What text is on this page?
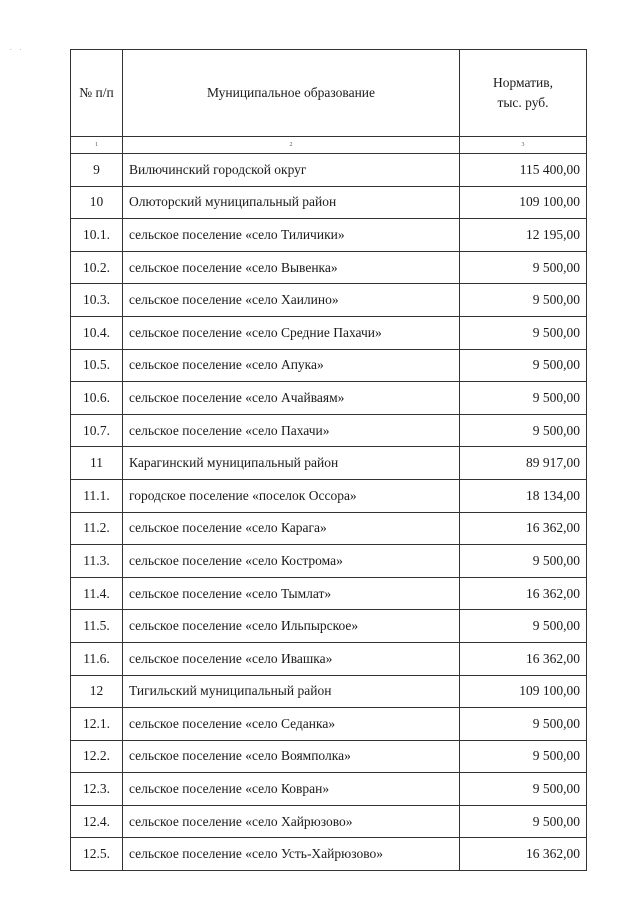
. .
№ п/п	Муниципальное образование	Норматив,
тыс. руб.
1	2	3
9	Вилючинский городской округ	115 400,00
10	Олюторский муниципальный район	109 100,00
10.1.	сельское поселение «село Тиличики»	12 195,00
10.2.	сельское поселение «село Вывенка»	9 500,00
10.3.	сельское поселение «село Хаилино»	9 500,00
10.4.	сельское поселение «село Средние Пахачи»	9 500,00
10.5.	сельское поселение «село Апука»	9 500,00
10.6.	сельское поселение «село Ачайваям»	9 500,00
10.7.	сельское поселение «село Пахачи»	9 500,00
11	Карагинский муниципальный район	89 917,00
11.1.	городское поселение «поселок Оссора»	18 134,00
11.2.	сельское поселение «село Карага»	16 362,00
11.3.	сельское поселение «село Кострома»	9 500,00
11.4.	сельское поселение «село Тымлат»	16 362,00
11.5.	сельское поселение «село Ильпырское»	9 500,00
11.6.	сельское поселение «село Ивашка»	16 362,00
12	Тигильский муниципальный район	109 100,00
12.1.	сельское поселение «село Седанка»	9 500,00
12.2.	сельское поселение «село Воямполка»	9 500,00
12.3.	сельское поселение «село Ковран»	9 500,00
12.4.	сельское поселение «село Хайрюзово»	9 500,00
12.5.	сельское поселение «село Усть-Хайрюзово»	16 362,00
